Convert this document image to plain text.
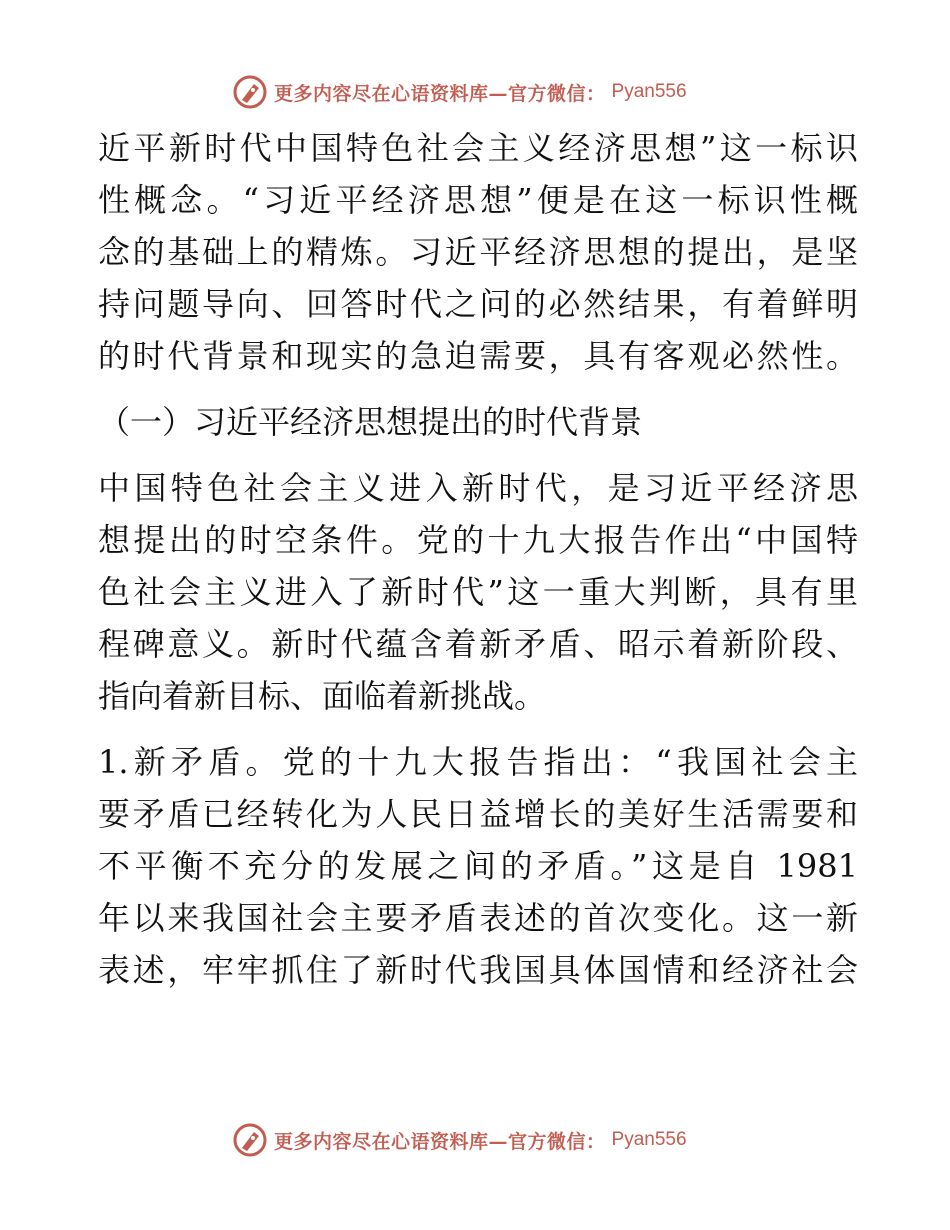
更多内容尽在心语资料库—官方微信： Pyan556
近平新时代中国特色社会主义经济思想”这一标识
性概念。“习近平经济思想”便是在这一标识性概
念的基础上的精炼。习近平经济思想的提出，是坚
持问题导向、回答时代之问的必然结果，有着鲜明
的时代背景和现实的急迫需要，具有客观必然性。
（一）习近平经济思想提出的时代背景
中国特色社会主义进入新时代，是习近平经济思
想提出的时空条件。党的十九大报告作出“中国特
色社会主义进入了新时代”这一重大判断，具有里
程碑意义。新时代蕴含着新矛盾、昭示着新阶段、
指向着新目标、面临着新挑战。
1.新矛盾。党的十九大报告指出：“我国社会主
要矛盾已经转化为人民日益增长的美好生活需要和
不平衡不充分的发展之间的矛盾。”这是自 1981
年以来我国社会主要矛盾表述的首次变化。这一新
表述，牢牢抓住了新时代我国具体国情和经济社会
更多内容尽在心语资料库—官方微信： Pyan556
